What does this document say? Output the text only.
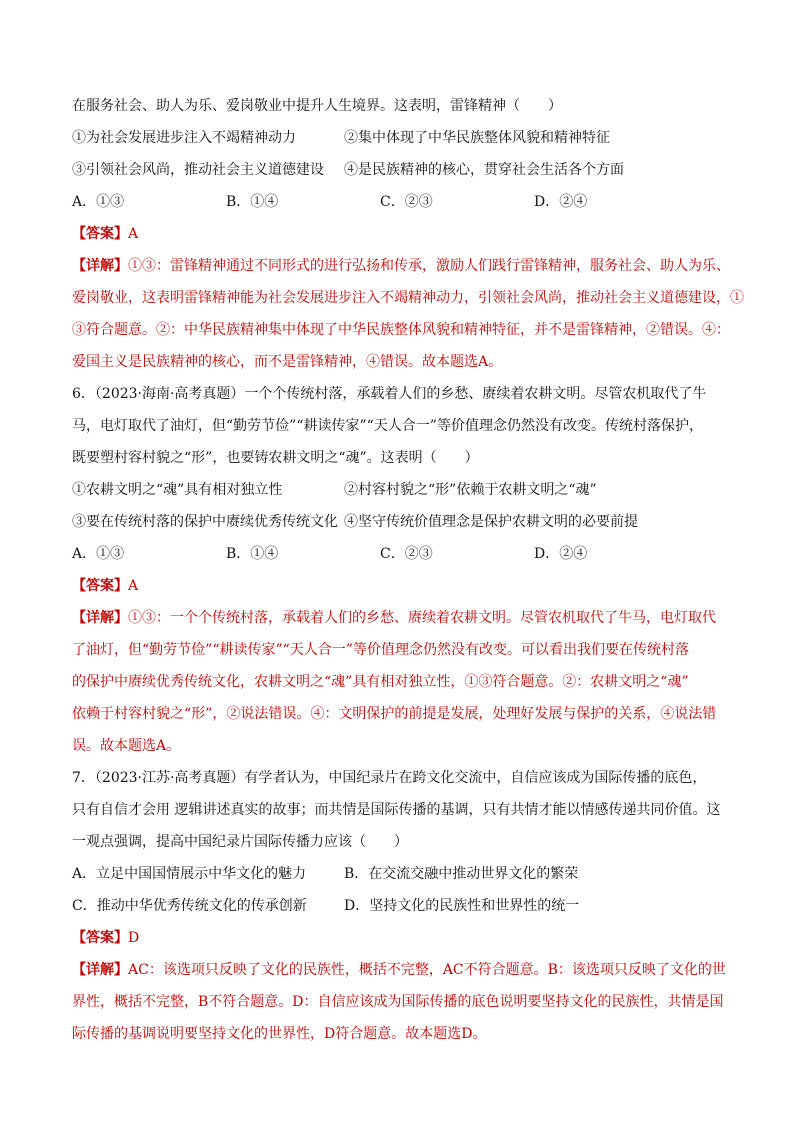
在服务社会、助人为乐、爱岗敬业中提升人生境界。这表明，雷锋精神（　　）
①为社会发展进步注入不竭精神动力	②集中体现了中华民族整体风貌和精神特征
③引领社会风尚，推动社会主义道德建设	④是民族精神的核心，贯穿社会生活各个方面
A．①③	B．①④	C．②③	D．②④
【答案】A
【详解】①③：雷锋精神通过不同形式的进行弘扬和传承，激励人们践行雷锋精神，服务社会、助人为乐、
爱岗敬业，这表明雷锋精神能为社会发展进步注入不竭精神动力，引领社会风尚，推动社会主义道德建设，①
③符合题意。②：中华民族精神集中体现了中华民族整体风貌和精神特征，并不是雷锋精神，②错误。④：
爱国主义是民族精神的核心，而不是雷锋精神，④错误。故本题选A。
6．（2023·海南·高考真题）一个个传统村落，承载着人们的乡愁、赓续着农耕文明。尽管农机取代了牛
马，电灯取代了油灯，但“勤劳节俭”“耕读传家”“天人合一”等价值理念仍然没有改变。传统村落保护，
既要塑村容村貌之“形”，也要铸农耕文明之“魂”。这表明（　　）
①农耕文明之“魂”具有相对独立性	②村容村貌之“形”依赖于农耕文明之“魂”
③要在传统村落的保护中赓续优秀传统文化 ④坚守传统价值理念是保护农耕文明的必要前提
A．①③	B．①④	C．②③	D．②④
【答案】A
【详解】①③：一个个传统村落，承载着人们的乡愁、赓续着农耕文明。尽管农机取代了牛马，电灯取代
了油灯，但“勤劳节俭”“耕读传家”“天人合一”等价值理念仍然没有改变。可以看出我们要在传统村落
的保护中赓续优秀传统文化，农耕文明之“魂”具有相对独立性，①③符合题意。②：农耕文明之“魂”
依赖于村容村貌之“形”，②说法错误。④：文明保护的前提是发展，处理好发展与保护的关系，④说法错
误。故本题选A。
7．（2023·江苏·高考真题）有学者认为，中国纪录片在跨文化交流中，自信应该成为国际传播的底色，
只有自信才会用 逻辑讲述真实的故事；而共情是国际传播的基调，只有共情才能以情感传递共同价值。这
一观点强调，提高中国纪录片国际传播力应该（　　）
A．立足中国国情展示中华文化的魅力	B．在交流交融中推动世界文化的繁荣
C．推动中华优秀传统文化的传承创新	D．坚持文化的民族性和世界性的统一
【答案】D
【详解】AC：该选项只反映了文化的民族性，概括不完整，AC不符合题意。B：该选项只反映了文化的世
界性，概括不完整，B不符合题意。D：自信应该成为国际传播的底色说明要坚持文化的民族性，共情是国
际传播的基调说明要坚持文化的世界性，D符合题意。故本题选D。
